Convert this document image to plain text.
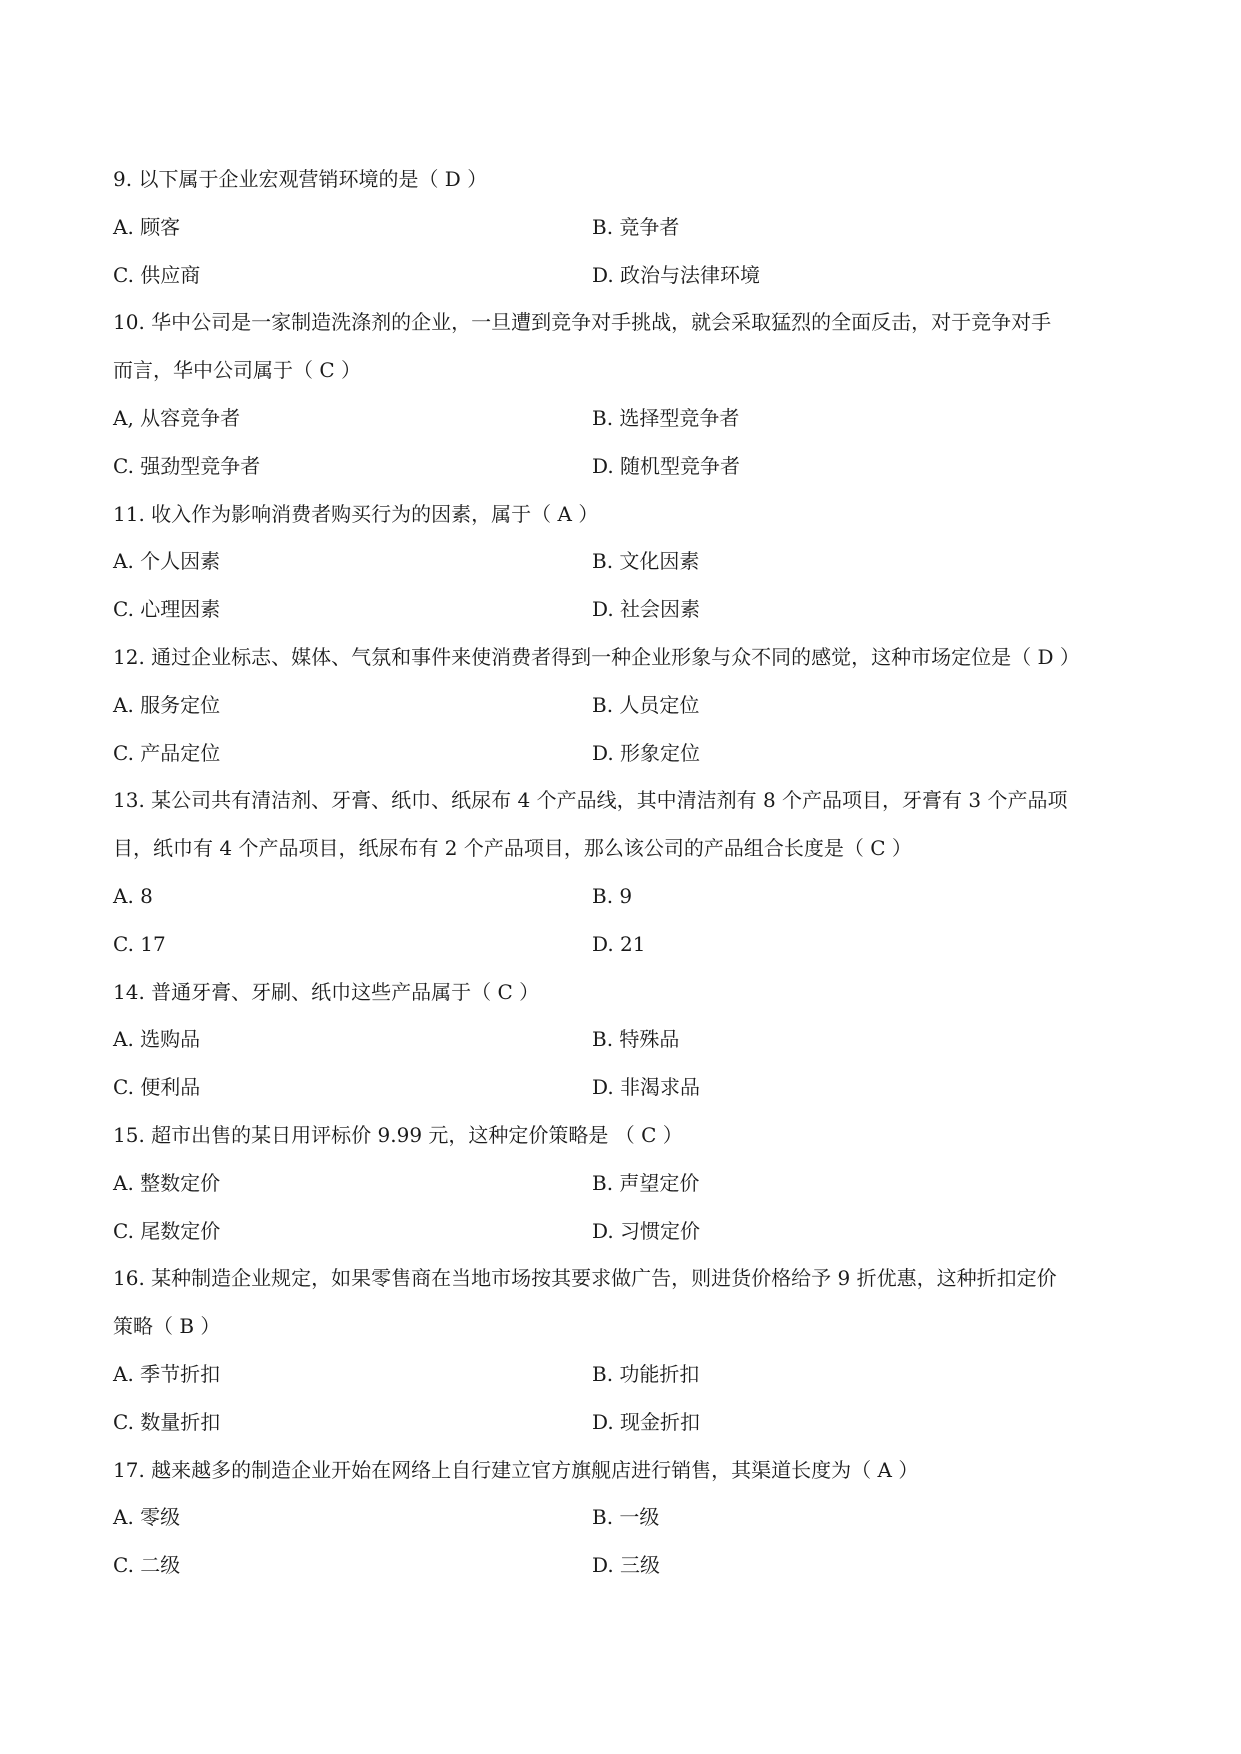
9. 以下属于企业宏观营销环境的是（ D ）
A. 顾客	B. 竞争者
C. 供应商	D. 政治与法律环境
10. 华中公司是一家制造洗涤剂的企业，一旦遭到竞争对手挑战，就会采取猛烈的全面反击，对于竞争对手
而言，华中公司属于（ C ）
A, 从容竞争者	B. 选择型竞争者
C. 强劲型竞争者	D. 随机型竞争者
11. 收入作为影响消费者购买行为的因素，属于（ A ）
A. 个人因素	B. 文化因素
C. 心理因素	D. 社会因素
12. 通过企业标志、媒体、气氛和事件来使消费者得到一种企业形象与众不同的感觉，这种市场定位是（ D ）
A. 服务定位	B. 人员定位
C. 产品定位	D. 形象定位
13. 某公司共有清洁剂、牙膏、纸巾、纸尿布 4 个产品线，其中清洁剂有 8 个产品项目，牙膏有 3 个产品项
目，纸巾有 4 个产品项目，纸尿布有 2 个产品项目，那么该公司的产品组合长度是（ C ）
A. 8	B. 9
C. 17	D. 21
14. 普通牙膏、牙刷、纸巾这些产品属于（ C ）
A. 选购品	B. 特殊品
C. 便利品	D. 非渴求品
15. 超市出售的某日用评标价 9.99 元，这种定价策略是 （ C ）
A. 整数定价	B. 声望定价
C. 尾数定价	D. 习惯定价
16. 某种制造企业规定，如果零售商在当地市场按其要求做广告，则进货价格给予 9 折优惠，这种折扣定价
策略（ B ）
A. 季节折扣	B. 功能折扣
C. 数量折扣	D. 现金折扣
17. 越来越多的制造企业开始在网络上自行建立官方旗舰店进行销售，其渠道长度为（ A ）
A. 零级	B. 一级
C. 二级	D. 三级
